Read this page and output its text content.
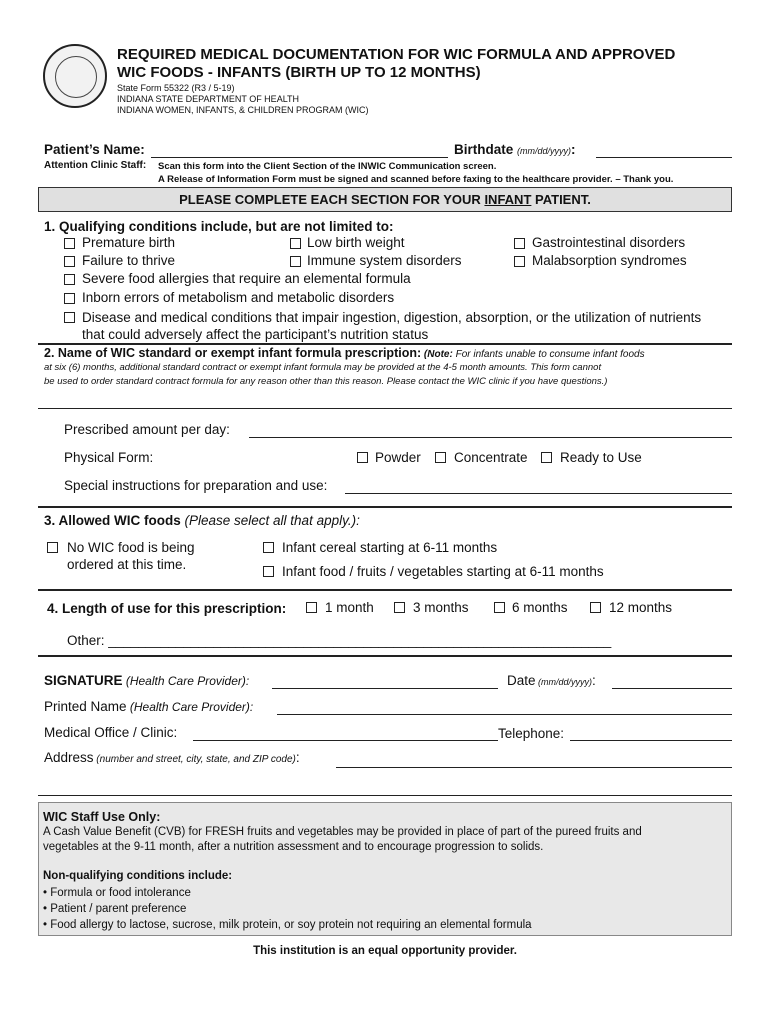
REQUIRED MEDICAL DOCUMENTATION FOR WIC FORMULA AND APPROVED
WIC FOODS - INFANTS (BIRTH UP TO 12 MONTHS)
State Form 55322 (R3 / 5-19)
INDIANA STATE DEPARTMENT OF HEALTH
INDIANA WOMEN, INFANTS, & CHILDREN PROGRAM (WIC)
Patient’s Name:	Birthdate (mm/dd/yyyy):
Attention Clinic Staff: Scan this form into the Client Section of the INWIC Communication screen.
A Release of Information Form must be signed and scanned before faxing to the healthcare provider. – Thank you.
PLEASE COMPLETE EACH SECTION FOR YOUR INFANT PATIENT.
1. Qualifying conditions include, but are not limited to:
Premature birth	Low birth weight	Gastrointestinal disorders
Failure to thrive	Immune system disorders	Malabsorption syndromes
Severe food allergies that require an elemental formula
Inborn errors of metabolism and metabolic disorders
Disease and medical conditions that impair ingestion, digestion, absorption, or the utilization of nutrients
that could adversely affect the participant’s nutrition status
2. Name of WIC standard or exempt infant formula prescription: (Note: For infants unable to consume infant foods
at six (6) months, additional standard contract or exempt infant formula may be provided at the 4-5 month amounts. This form cannot
be used to order standard contract formula for any reason other than this reason. Please contact the WIC clinic if you have questions.)
Prescribed amount per day:
Physical Form:	Powder Concentrate Ready to Use
Special instructions for preparation and use:
3. Allowed WIC foods (Please select all that apply.):
No WIC food is being
ordered at this time.
Infant cereal starting at 6-11 months
Infant food / fruits / vegetables starting at 6-11 months
4. Length of use for this prescription:	1 month	3 months	6 months	12 months
Other: ___________________________________________________________________
SIGNATURE (Health Care Provider):	Date (mm/dd/yyyy):
Printed Name (Health Care Provider):
Medical Office / Clinic:	Telephone:
Address (number and street, city, state, and ZIP code):
WIC Staff Use Only:
A Cash Value Benefit (CVB) for FRESH fruits and vegetables may be provided in place of part of the pureed fruits and
vegetables at the 9-11 month, after a nutrition assessment and to encourage progression to solids.
Non-qualifying conditions include:
• Formula or food intolerance
• Patient / parent preference
• Food allergy to lactose, sucrose, milk protein, or soy protein not requiring an elemental formula
This institution is an equal opportunity provider.
